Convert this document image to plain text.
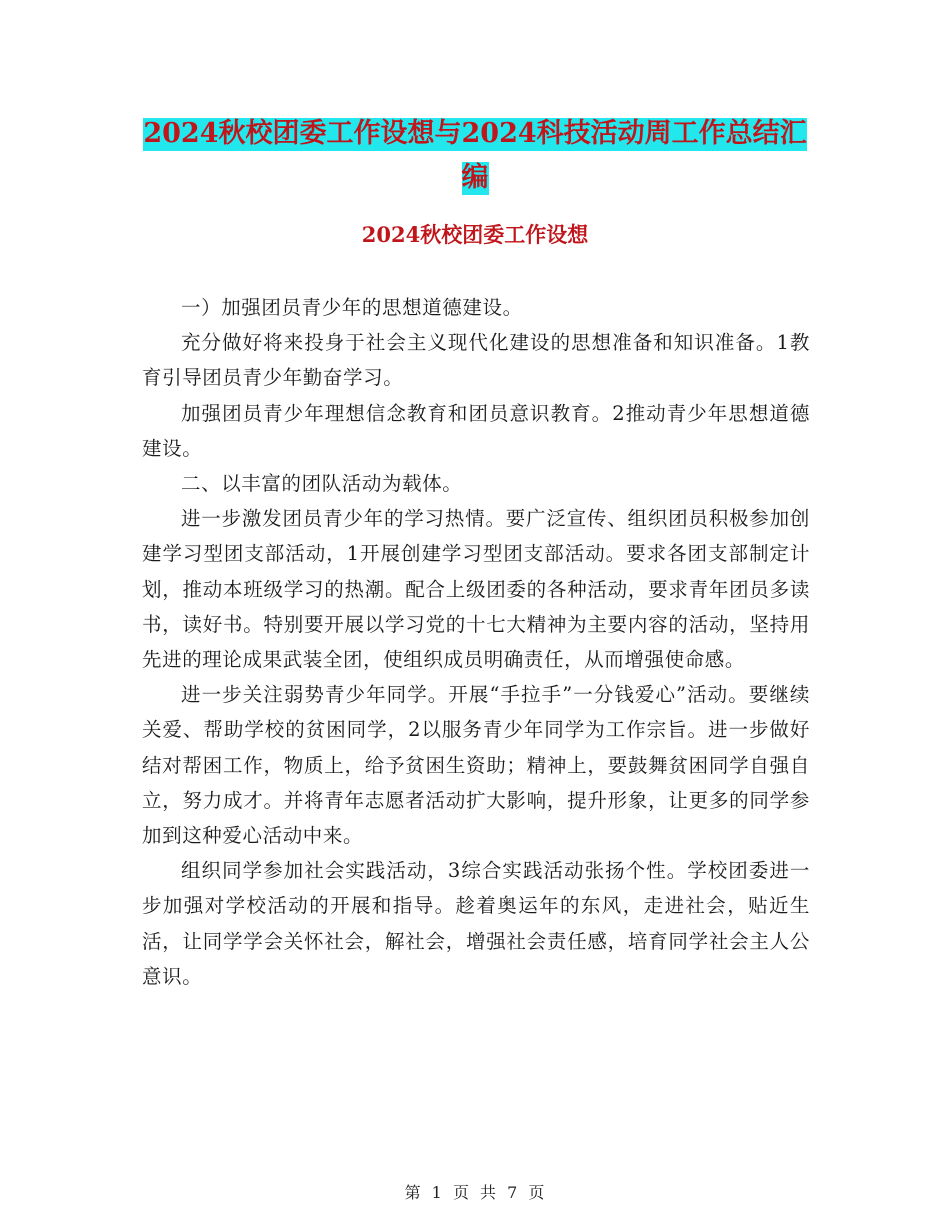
2024秋校团委工作设想与2024科技活动周工作总结汇
编
2024秋校团委工作设想

一）加强团员青少年的思想道德建设。

充分做好将来投身于社会主义现代化建设的思想准备和知识准备。1教育引导团员青少年勤奋学习。

加强团员青少年理想信念教育和团员意识教育。2推动青少年思想道德建设。

二、以丰富的团队活动为载体。

进一步激发团员青少年的学习热情。要广泛宣传、组织团员积极参加创建学习型团支部活动，1开展创建学习型团支部活动。要求各团支部制定计划，推动本班级学习的热潮。配合上级团委的各种活动，要求青年团员多读书，读好书。特别要开展以学习党的十七大精神为主要内容的活动，坚持用先进的理论成果武装全团，使组织成员明确责任，从而增强使命感。

进一步关注弱势青少年同学。开展“手拉手”一分钱爱心”活动。要继续关爱、帮助学校的贫困同学，2以服务青少年同学为工作宗旨。进一步做好结对帮困工作，物质上，给予贫困生资助；精神上，要鼓舞贫困同学自强自立，努力成才。并将青年志愿者活动扩大影响，提升形象，让更多的同学参加到这种爱心活动中来。

组织同学参加社会实践活动，3综合实践活动张扬个性。学校团委进一步加强对学校活动的开展和指导。趁着奥运年的东风，走进社会，贴近生活，让同学学会关怀社会，解社会，增强社会责任感，培育同学社会主人公意识。

第 1 页 共 7 页
